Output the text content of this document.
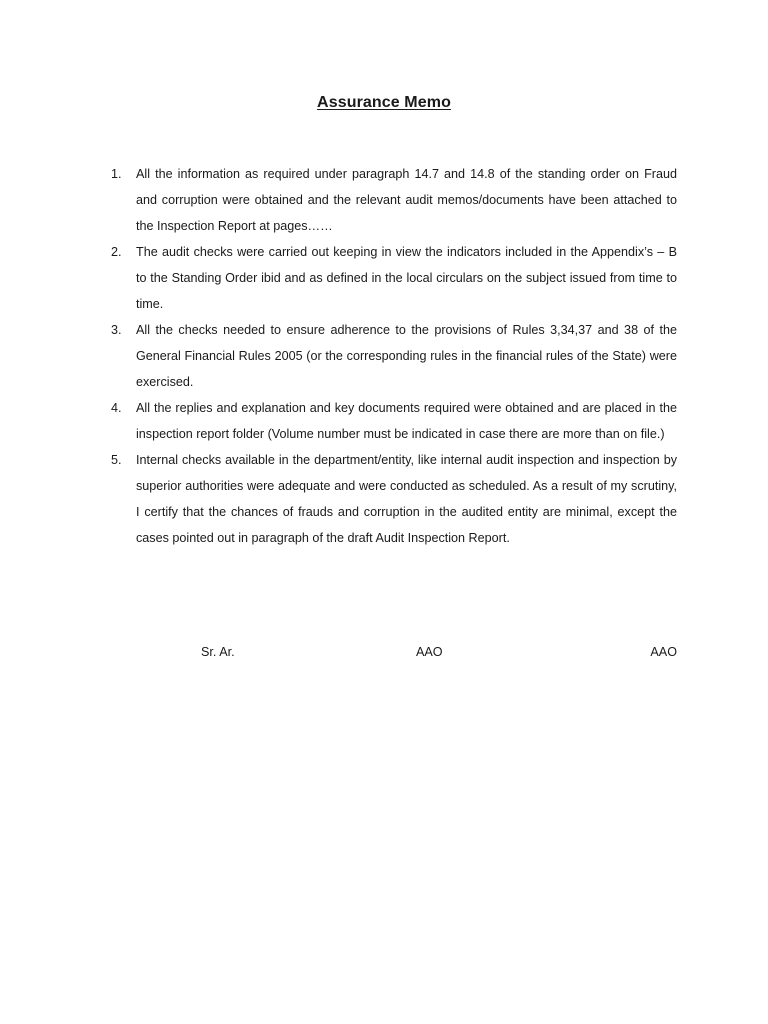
Assurance Memo
1. All the information as required under paragraph 14.7 and 14.8 of the standing order on Fraud and corruption were obtained and the relevant audit memos/documents have been attached to the Inspection Report at pages……
2. The audit checks were carried out keeping in view the indicators included in the Appendix’s – B to the Standing Order ibid and as defined in the local circulars on the subject issued from time to time.
3. All the checks needed to ensure adherence to the provisions of Rules 3,34,37 and 38 of the General Financial Rules 2005 (or the corresponding rules in the financial rules of the State) were exercised.
4. All the replies and explanation and key documents required were obtained and are placed in the inspection report folder (Volume number must be indicated in case there are more than on file.)
5. Internal checks available in the department/entity, like internal audit inspection and inspection by superior authorities were adequate and were conducted as scheduled. As a result of my scrutiny, I certify that the chances of frauds and corruption in the audited entity are minimal, except the cases pointed out in paragraph of the draft Audit Inspection Report.
Sr. Ar.	AAO	AAO
